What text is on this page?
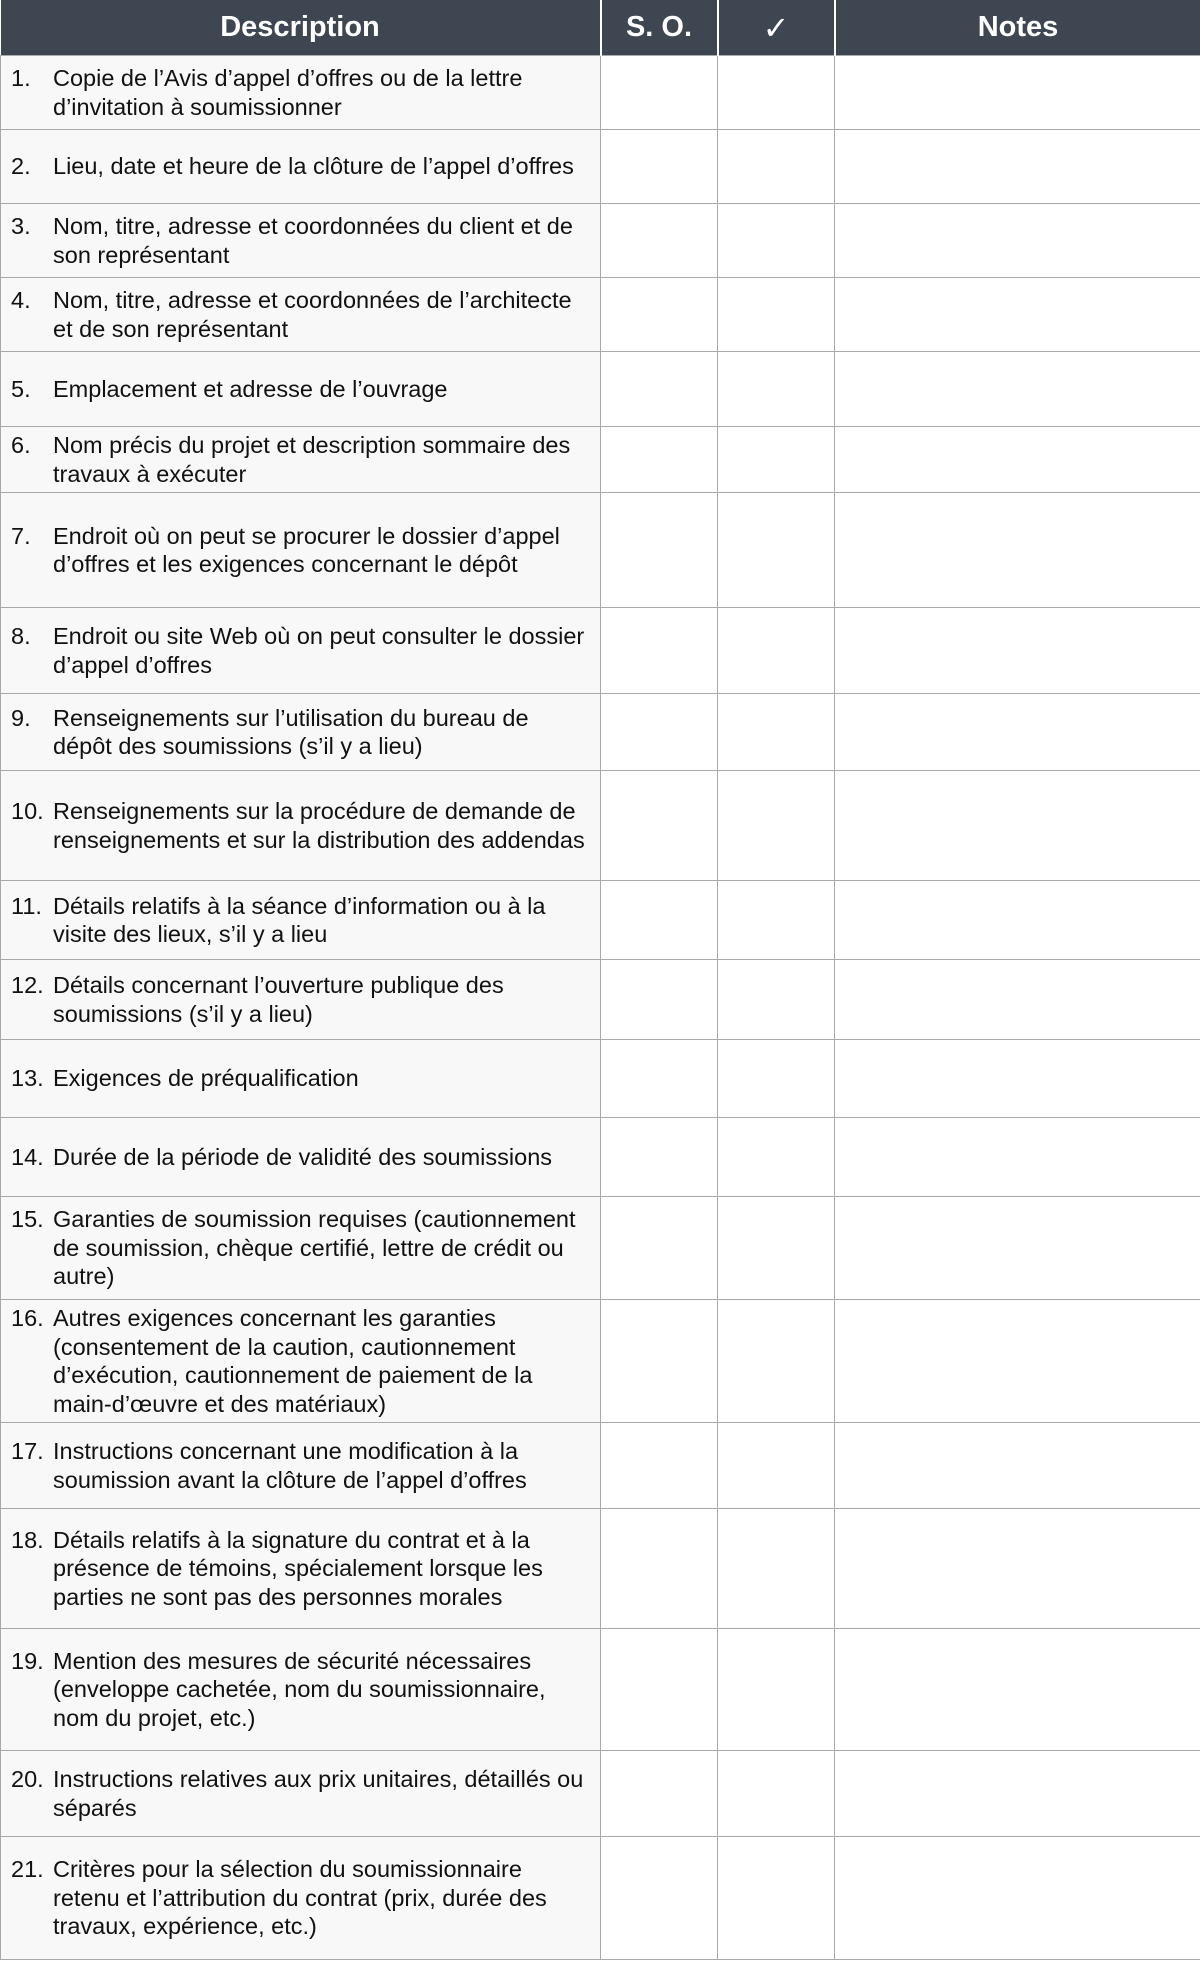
Description	S. O.	✓	Notes

1. Copie de l’Avis d’appel d’offres ou de la lettre d’invitation à soumissionner			

2. Lieu, date et heure de la clôture de l’appel d’offres			

3. Nom, titre, adresse et coordonnées du client et de son représentant			

4. Nom, titre, adresse et coordonnées de l’architecte et de son représentant			

5. Emplacement et adresse de l’ouvrage			

6. Nom précis du projet et description sommaire des travaux à exécuter			

7. Endroit où on peut se procurer le dossier d’appel d’offres et les exigences concernant le dépôt			

8. Endroit ou site Web où on peut consulter le dossier d’appel d’offres			

9. Renseignements sur l’utilisation du bureau de dépôt des soumissions (s’il y a lieu)			

10. Renseignements sur la procédure de demande de renseignements et sur la distribution des addendas			

11. Détails relatifs à la séance d’information ou à la visite des lieux, s’il y a lieu			

12. Détails concernant l’ouverture publique des soumissions (s’il y a lieu)			

13. Exigences de préqualification			

14. Durée de la période de validité des soumissions			

15. Garanties de soumission requises (cautionnement de soumission, chèque certifié, lettre de crédit ou autre)			

16. Autres exigences concernant les garanties (consentement de la caution, cautionnement d’exécution, cautionnement de paiement de la main-d’œuvre et des matériaux)			

17. Instructions concernant une modification à la soumission avant la clôture de l’appel d’offres			

18. Détails relatifs à la signature du contrat et à la présence de témoins, spécialement lorsque les parties ne sont pas des personnes morales			

19. Mention des mesures de sécurité nécessaires (enveloppe cachetée, nom du soumissionnaire, nom du projet, etc.)			

20. Instructions relatives aux prix unitaires, détaillés ou séparés			

21. Critères pour la sélection du soumissionnaire retenu et l’attribution du contrat (prix, durée des travaux, expérience, etc.)			
